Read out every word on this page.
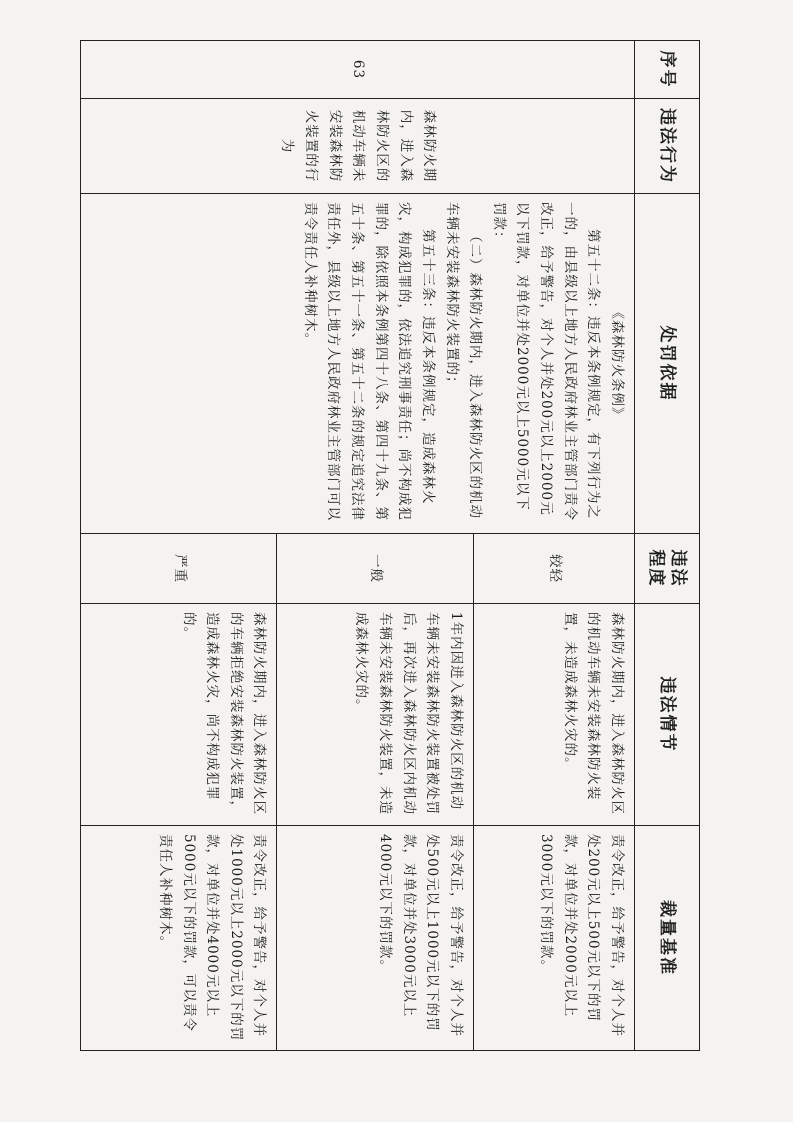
序号	违法行为	处罚依据	违法程度	违法情节	裁量基准
63	森林防火期内，进入森林防火区的机动车辆未安装森林防火装置的行为	《森林防火条例》

第五十二条：违反本条例规定，有下列行为之一的，由县级以上地方人民政府林业主管部门责令改正，给予警告，对个人并处200元以上2000元以下罚款，对单位并处2000元以上5000元以下罚款：

（二）森林防火期内，进入森林防火区的机动车辆未安装森林防火装置的；

第五十三条：违反本条例规定，造成森林火灾，构成犯罪的，依法追究刑事责任；尚不构成犯罪的，除依照本条例第四十八条、第四十九条、第五十条、第五十一条、第五十二条的规定追究法律责任外，县级以上地方人民政府林业主管部门可以责令责任人补种树木。	较轻	森林防火期内，进入森林防火区的机动车辆未安装森林防火装置，未造成森林火灾的。	责令改正，给予警告，对个人并处200元以上500元以下的罚款，对单位并处2000元以上3000元以下的罚款。
			一般	1年内因进入森林防火区的机动车辆未安装森林防火装置被处罚后，再次进入森林防火区内机动车辆未安装森林防火装置，未造成森林火灾的。	责令改正，给予警告，对个人并处500元以上1000元以下的罚款，对单位并处3000元以上4000元以下的罚款。
			严重	森林防火期内，进入森林防火区的车辆拒绝安装森林防火装置，造成森林火灾，尚不构成犯罪的。	责令改正，给予警告，对个人并处1000元以上2000元以下的罚款，对单位并处4000元以上5000元以下的罚款，可以责令责任人补种树木。
